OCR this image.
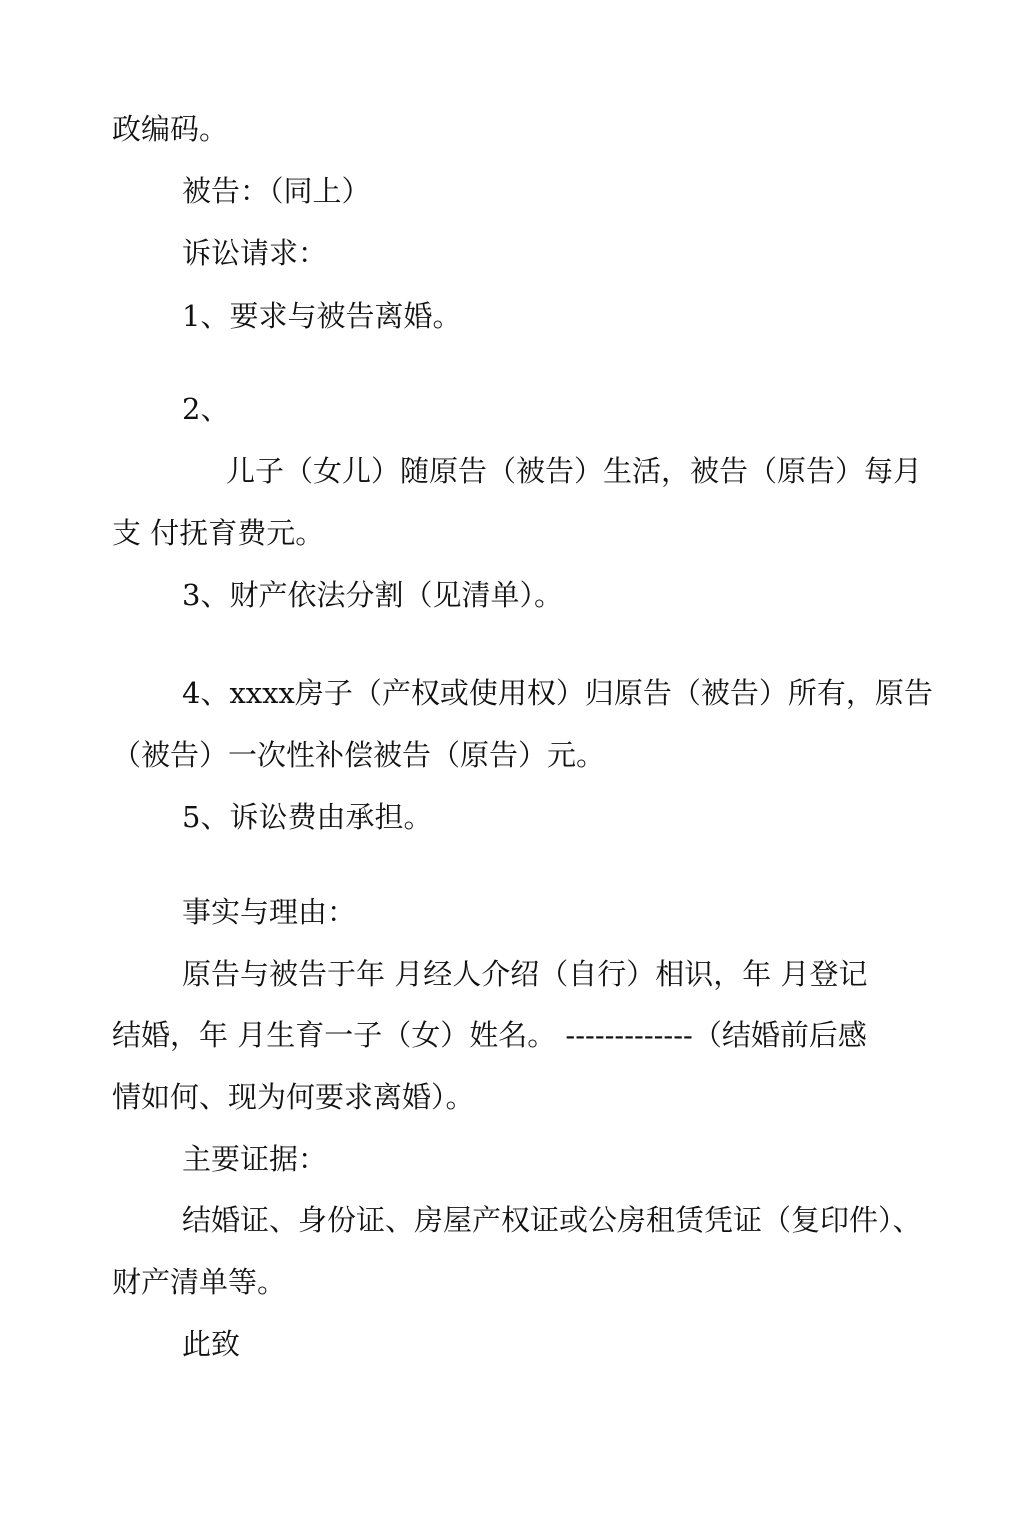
政编码。
被告：（同上）
诉讼请求：
1、要求与被告离婚。
2、
儿子（女儿）随原告（被告）生活，被告（原告）每月
支 付抚育费元。
3、财产依法分割（见清单）。
4、xxxx房子（产权或使用权）归原告（被告）所有，原告
（被告）一次性补偿被告（原告）元。
5、诉讼费由承担。
事实与理由：
原告与被告于年 月经人介绍（自行）相识，年 月登记
结婚，年 月生育一子（女）姓名。 -------------（结婚前后感
情如何、现为何要求离婚）。
主要证据：
结婚证、身份证、房屋产权证或公房租赁凭证（复印件）、
财产清单等。
此致
